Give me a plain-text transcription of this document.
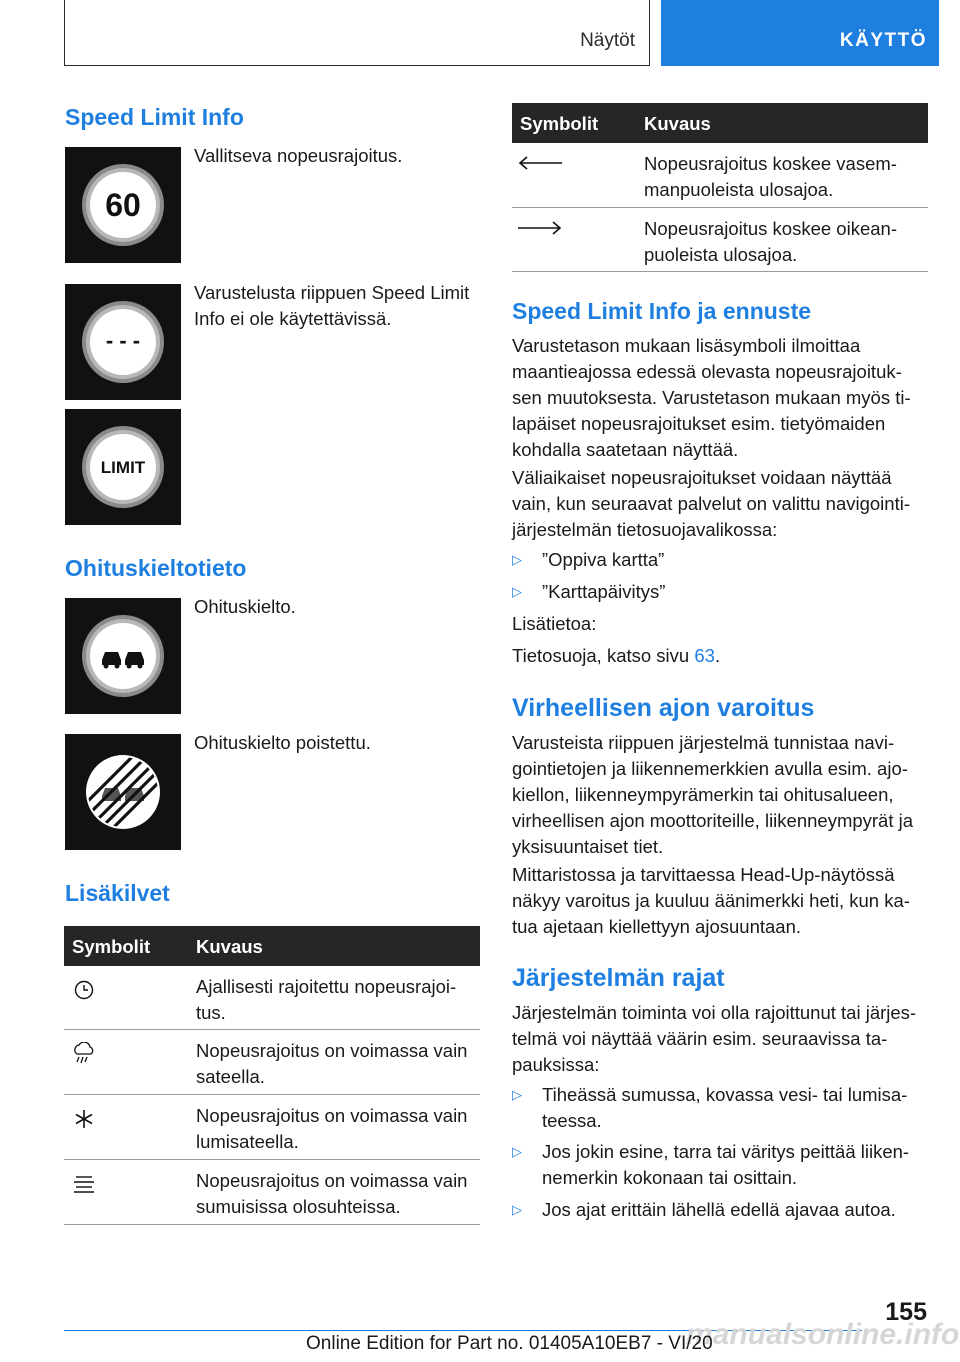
Näytöt	KÄYTTÖ
Speed Limit Info
60
Vallitseva nopeusrajoitus.
- - -
Varustelusta riippuen Speed Limit
Info ei ole käytettävissä.
LIMIT
Ohituskieltotieto
Ohituskielto.
Ohituskielto poistettu.
Lisäkilvet
Symbolit Kuvaus
Ajallisesti rajoitettu nopeusrajoi-
tus.
Nopeusrajoitus on voimassa vain
sateella.
Nopeusrajoitus on voimassa vain
lumisateella.
Nopeusrajoitus on voimassa vain
sumuisissa olosuhteissa.
Symbolit Kuvaus
Nopeusrajoitus koskee vasem-
manpuoleista ulosajoa.
Nopeusrajoitus koskee oikean-
puoleista ulosajoa.
Speed Limit Info ja ennuste
Varustetason mukaan lisäsymboli ilmoittaa
maantieajossa edessä olevasta nopeusrajoituk-
sen muutoksesta. Varustetason mukaan myös ti-
lapäiset nopeusrajoitukset esim. tietyömaiden
kohdalla saatetaan näyttää.
Väliaikaiset nopeusrajoitukset voidaan näyttää
vain, kun seuraavat palvelut on valittu navigointi-
järjestelmän tietosuojavalikossa:
▷ ”Oppiva kartta”
▷ ”Karttapäivitys”
Lisätietoa:
Tietosuoja, katso sivu 63.
Virheellisen ajon varoitus
Varusteista riippuen järjestelmä tunnistaa navi-
gointietojen ja liikennemerkkien avulla esim. ajo-
kiellon, liikenneympyrämerkin tai ohitusalueen,
virheellisen ajon moottoriteille, liikenneympyrät ja
yksisuuntaiset tiet.
Mittaristossa ja tarvittaessa Head-Up-näytössä
näkyy varoitus ja kuuluu äänimerkki heti, kun ka-
tua ajetaan kiellettyyn ajosuuntaan.
Järjestelmän rajat
Järjestelmän toiminta voi olla rajoittunut tai järjes-
telmä voi näyttää väärin esim. seuraavissa ta-
pauksissa:
▷ Tiheässä sumussa, kovassa vesi- tai lumisa-
teessa.
▷ Jos jokin esine, tarra tai väritys peittää liiken-
nemerkin kokonaan tai osittain.
▷ Jos ajat erittäin lähellä edellä ajavaa autoa.
155
manualsonline.info
Online Edition for Part no. 01405A10EB7 - VI/20
